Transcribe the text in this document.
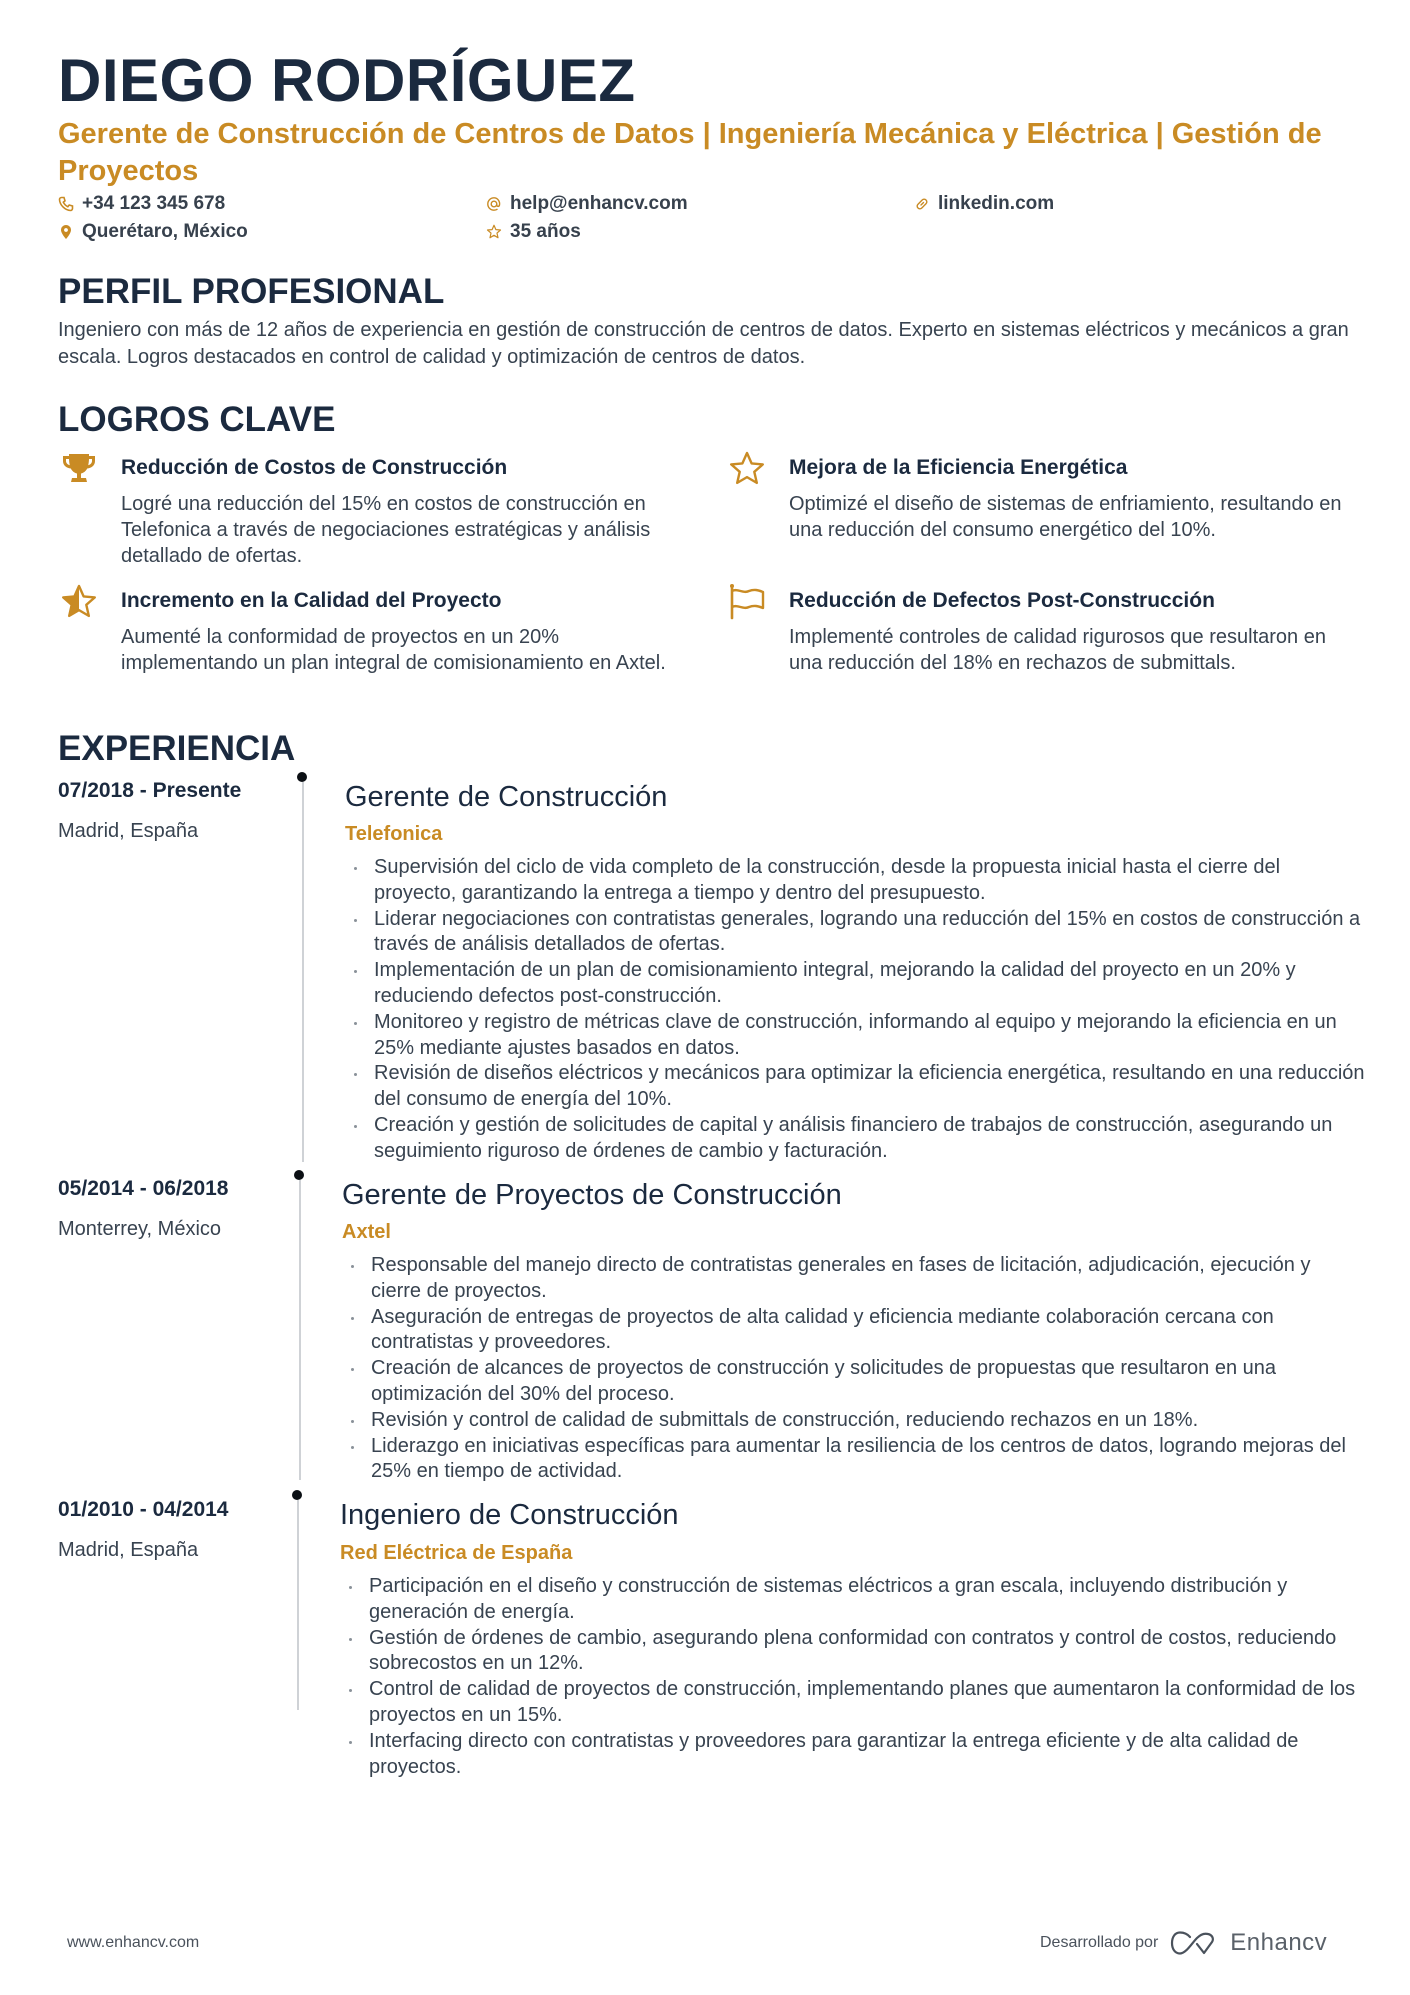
DIEGO RODRÍGUEZ
Gerente de Construcción de Centros de Datos | Ingeniería Mecánica y Eléctrica | Gestión de Proyectos
+34 123 345 678	help@enhancv.com	linkedin.com
Querétaro, México	35 años
PERFIL PROFESIONAL
Ingeniero con más de 12 años de experiencia en gestión de construcción de centros de datos. Experto en sistemas eléctricos y mecánicos a gran escala. Logros destacados en control de calidad y optimización de centros de datos.
LOGROS CLAVE
Reducción de Costos de Construcción
Logré una reducción del 15% en costos de construcción en Telefonica a través de negociaciones estratégicas y análisis detallado de ofertas.
Mejora de la Eficiencia Energética
Optimizé el diseño de sistemas de enfriamiento, resultando en una reducción del consumo energético del 10%.
Incremento en la Calidad del Proyecto
Aumenté la conformidad de proyectos en un 20% implementando un plan integral de comisionamiento en Axtel.
Reducción de Defectos Post-Construcción
Implementé controles de calidad rigurosos que resultaron en una reducción del 18% en rechazos de submittals.
EXPERIENCIA
07/2018 - Presente
Madrid, España
Gerente de Construcción
Telefonica
Supervisión del ciclo de vida completo de la construcción, desde la propuesta inicial hasta el cierre del proyecto, garantizando la entrega a tiempo y dentro del presupuesto.
Liderar negociaciones con contratistas generales, logrando una reducción del 15% en costos de construcción a través de análisis detallados de ofertas.
Implementación de un plan de comisionamiento integral, mejorando la calidad del proyecto en un 20% y reduciendo defectos post-construcción.
Monitoreo y registro de métricas clave de construcción, informando al equipo y mejorando la eficiencia en un 25% mediante ajustes basados en datos.
Revisión de diseños eléctricos y mecánicos para optimizar la eficiencia energética, resultando en una reducción del consumo de energía del 10%.
Creación y gestión de solicitudes de capital y análisis financiero de trabajos de construcción, asegurando un seguimiento riguroso de órdenes de cambio y facturación.
05/2014 - 06/2018
Monterrey, México
Gerente de Proyectos de Construcción
Axtel
Responsable del manejo directo de contratistas generales en fases de licitación, adjudicación, ejecución y cierre de proyectos.
Aseguración de entregas de proyectos de alta calidad y eficiencia mediante colaboración cercana con contratistas y proveedores.
Creación de alcances de proyectos de construcción y solicitudes de propuestas que resultaron en una optimización del 30% del proceso.
Revisión y control de calidad de submittals de construcción, reduciendo rechazos en un 18%.
Liderazgo en iniciativas específicas para aumentar la resiliencia de los centros de datos, logrando mejoras del 25% en tiempo de actividad.
01/2010 - 04/2014
Madrid, España
Ingeniero de Construcción
Red Eléctrica de España
Participación en el diseño y construcción de sistemas eléctricos a gran escala, incluyendo distribución y generación de energía.
Gestión de órdenes de cambio, asegurando plena conformidad con contratos y control de costos, reduciendo sobrecostos en un 12%.
Control de calidad de proyectos de construcción, implementando planes que aumentaron la conformidad de los proyectos en un 15%.
Interfacing directo con contratistas y proveedores para garantizar la entrega eficiente y de alta calidad de proyectos.
www.enhancv.com	Desarrollado por	Enhancv
